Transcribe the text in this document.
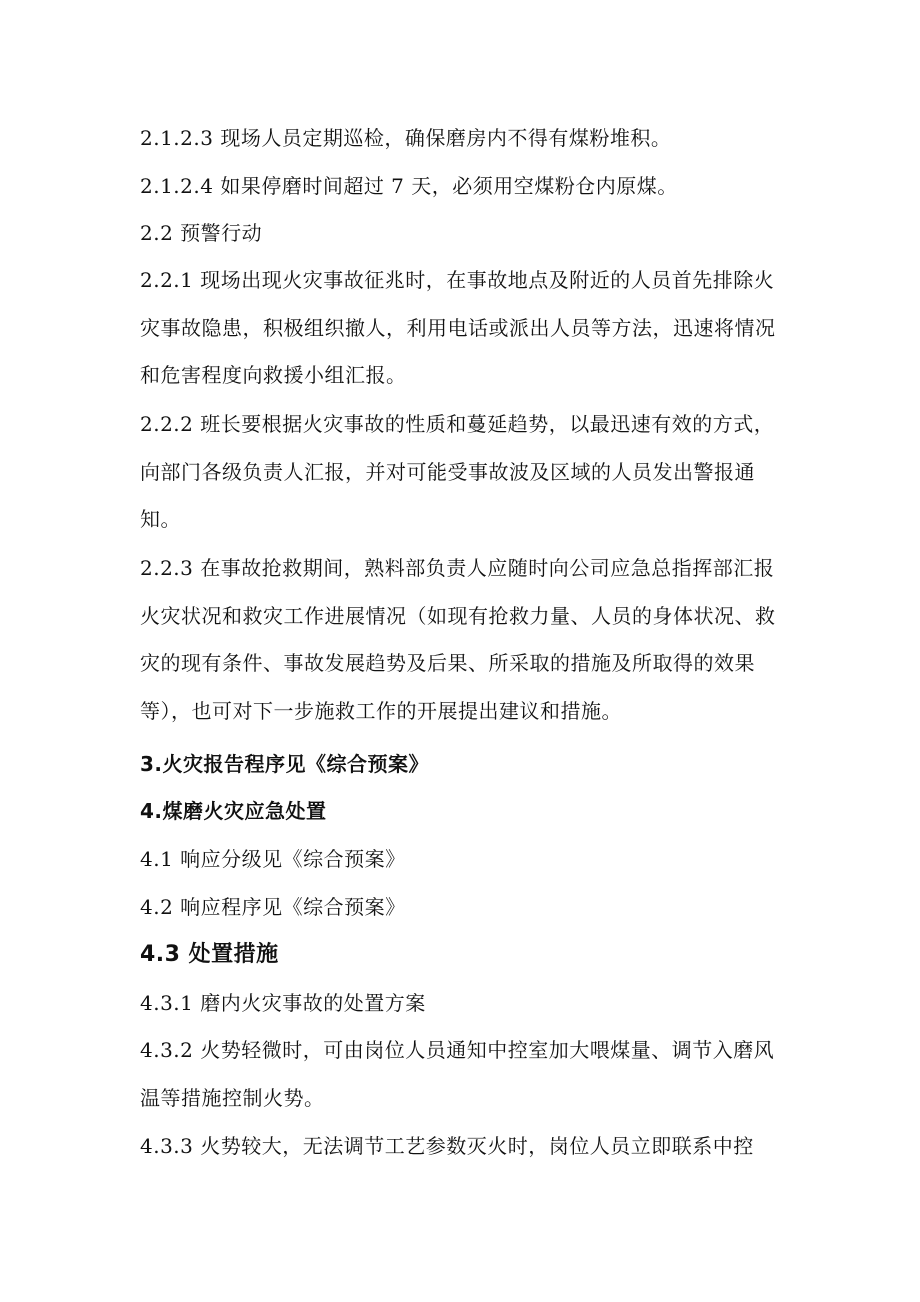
2.1.2.3 现场人员定期巡检，确保磨房内不得有煤粉堆积。
2.1.2.4 如果停磨时间超过 7 天，必须用空煤粉仓内原煤。
2.2 预警行动
2.2.1 现场出现火灾事故征兆时，在事故地点及附近的人员首先排除火灾事故隐患，积极组织撤人，利用电话或派出人员等方法，迅速将情况和危害程度向救援小组汇报。
2.2.2 班长要根据火灾事故的性质和蔓延趋势，以最迅速有效的方式，向部门各级负责人汇报，并对可能受事故波及区域的人员发出警报通知。
2.2.3 在事故抢救期间，熟料部负责人应随时向公司应急总指挥部汇报火灾状况和救灾工作进展情况（如现有抢救力量、人员的身体状况、救灾的现有条件、事故发展趋势及后果、所采取的措施及所取得的效果等），也可对下一步施救工作的开展提出建议和措施。
3.火灾报告程序见《综合预案》
4.煤磨火灾应急处置
4.1 响应分级见《综合预案》
4.2 响应程序见《综合预案》
4.3 处置措施
4.3.1 磨内火灾事故的处置方案
4.3.2 火势轻微时，可由岗位人员通知中控室加大喂煤量、调节入磨风温等措施控制火势。
4.3.3 火势较大，无法调节工艺参数灭火时，岗位人员立即联系中控
